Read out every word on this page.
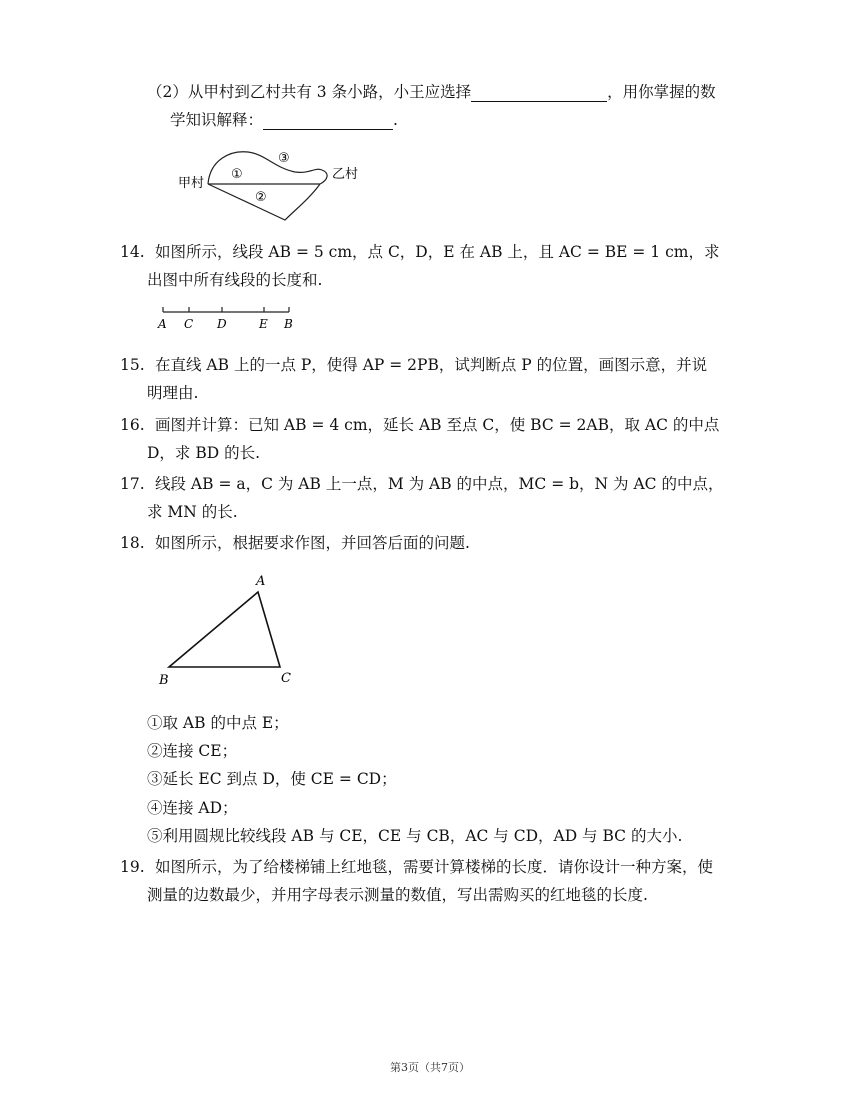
（2）从甲村到乙村共有 3 条小路，小王应选择	，用你掌握的数
学知识解释：	.
甲村
乙村
①
②
③
14. 如图所示，线段 AB = 5 cm，点 C，D，E 在 AB 上，且 AC = BE = 1 cm，求
出图中所有线段的长度和.
A C D	E B
15. 在直线 AB 上的一点 P，使得 AP = 2PB，试判断点 P 的位置，画图示意，并说
明理由.
16. 画图并计算：已知 AB = 4 cm，延长 AB 至点 C，使 BC = 2AB，取 AC 的中点
D，求 BD 的长.
17. 线段 AB = a，C 为 AB 上一点，M 为 AB 的中点，MC = b，N 为 AC 的中点，
求 MN 的长.
18. 如图所示，根据要求作图，并回答后面的问题.
A
B	C
①取 AB 的中点 E；
②连接 CE；
③延长 EC 到点 D，使 CE = CD；
④连接 AD；
⑤利用圆规比较线段 AB 与 CE，CE 与 CB，AC 与 CD，AD 与 BC 的大小.
19. 如图所示，为了给楼梯铺上红地毯，需要计算楼梯的长度．请你设计一种方案，使
测量的边数最少，并用字母表示测量的数值，写出需购买的红地毯的长度.
第3页（共7页）
